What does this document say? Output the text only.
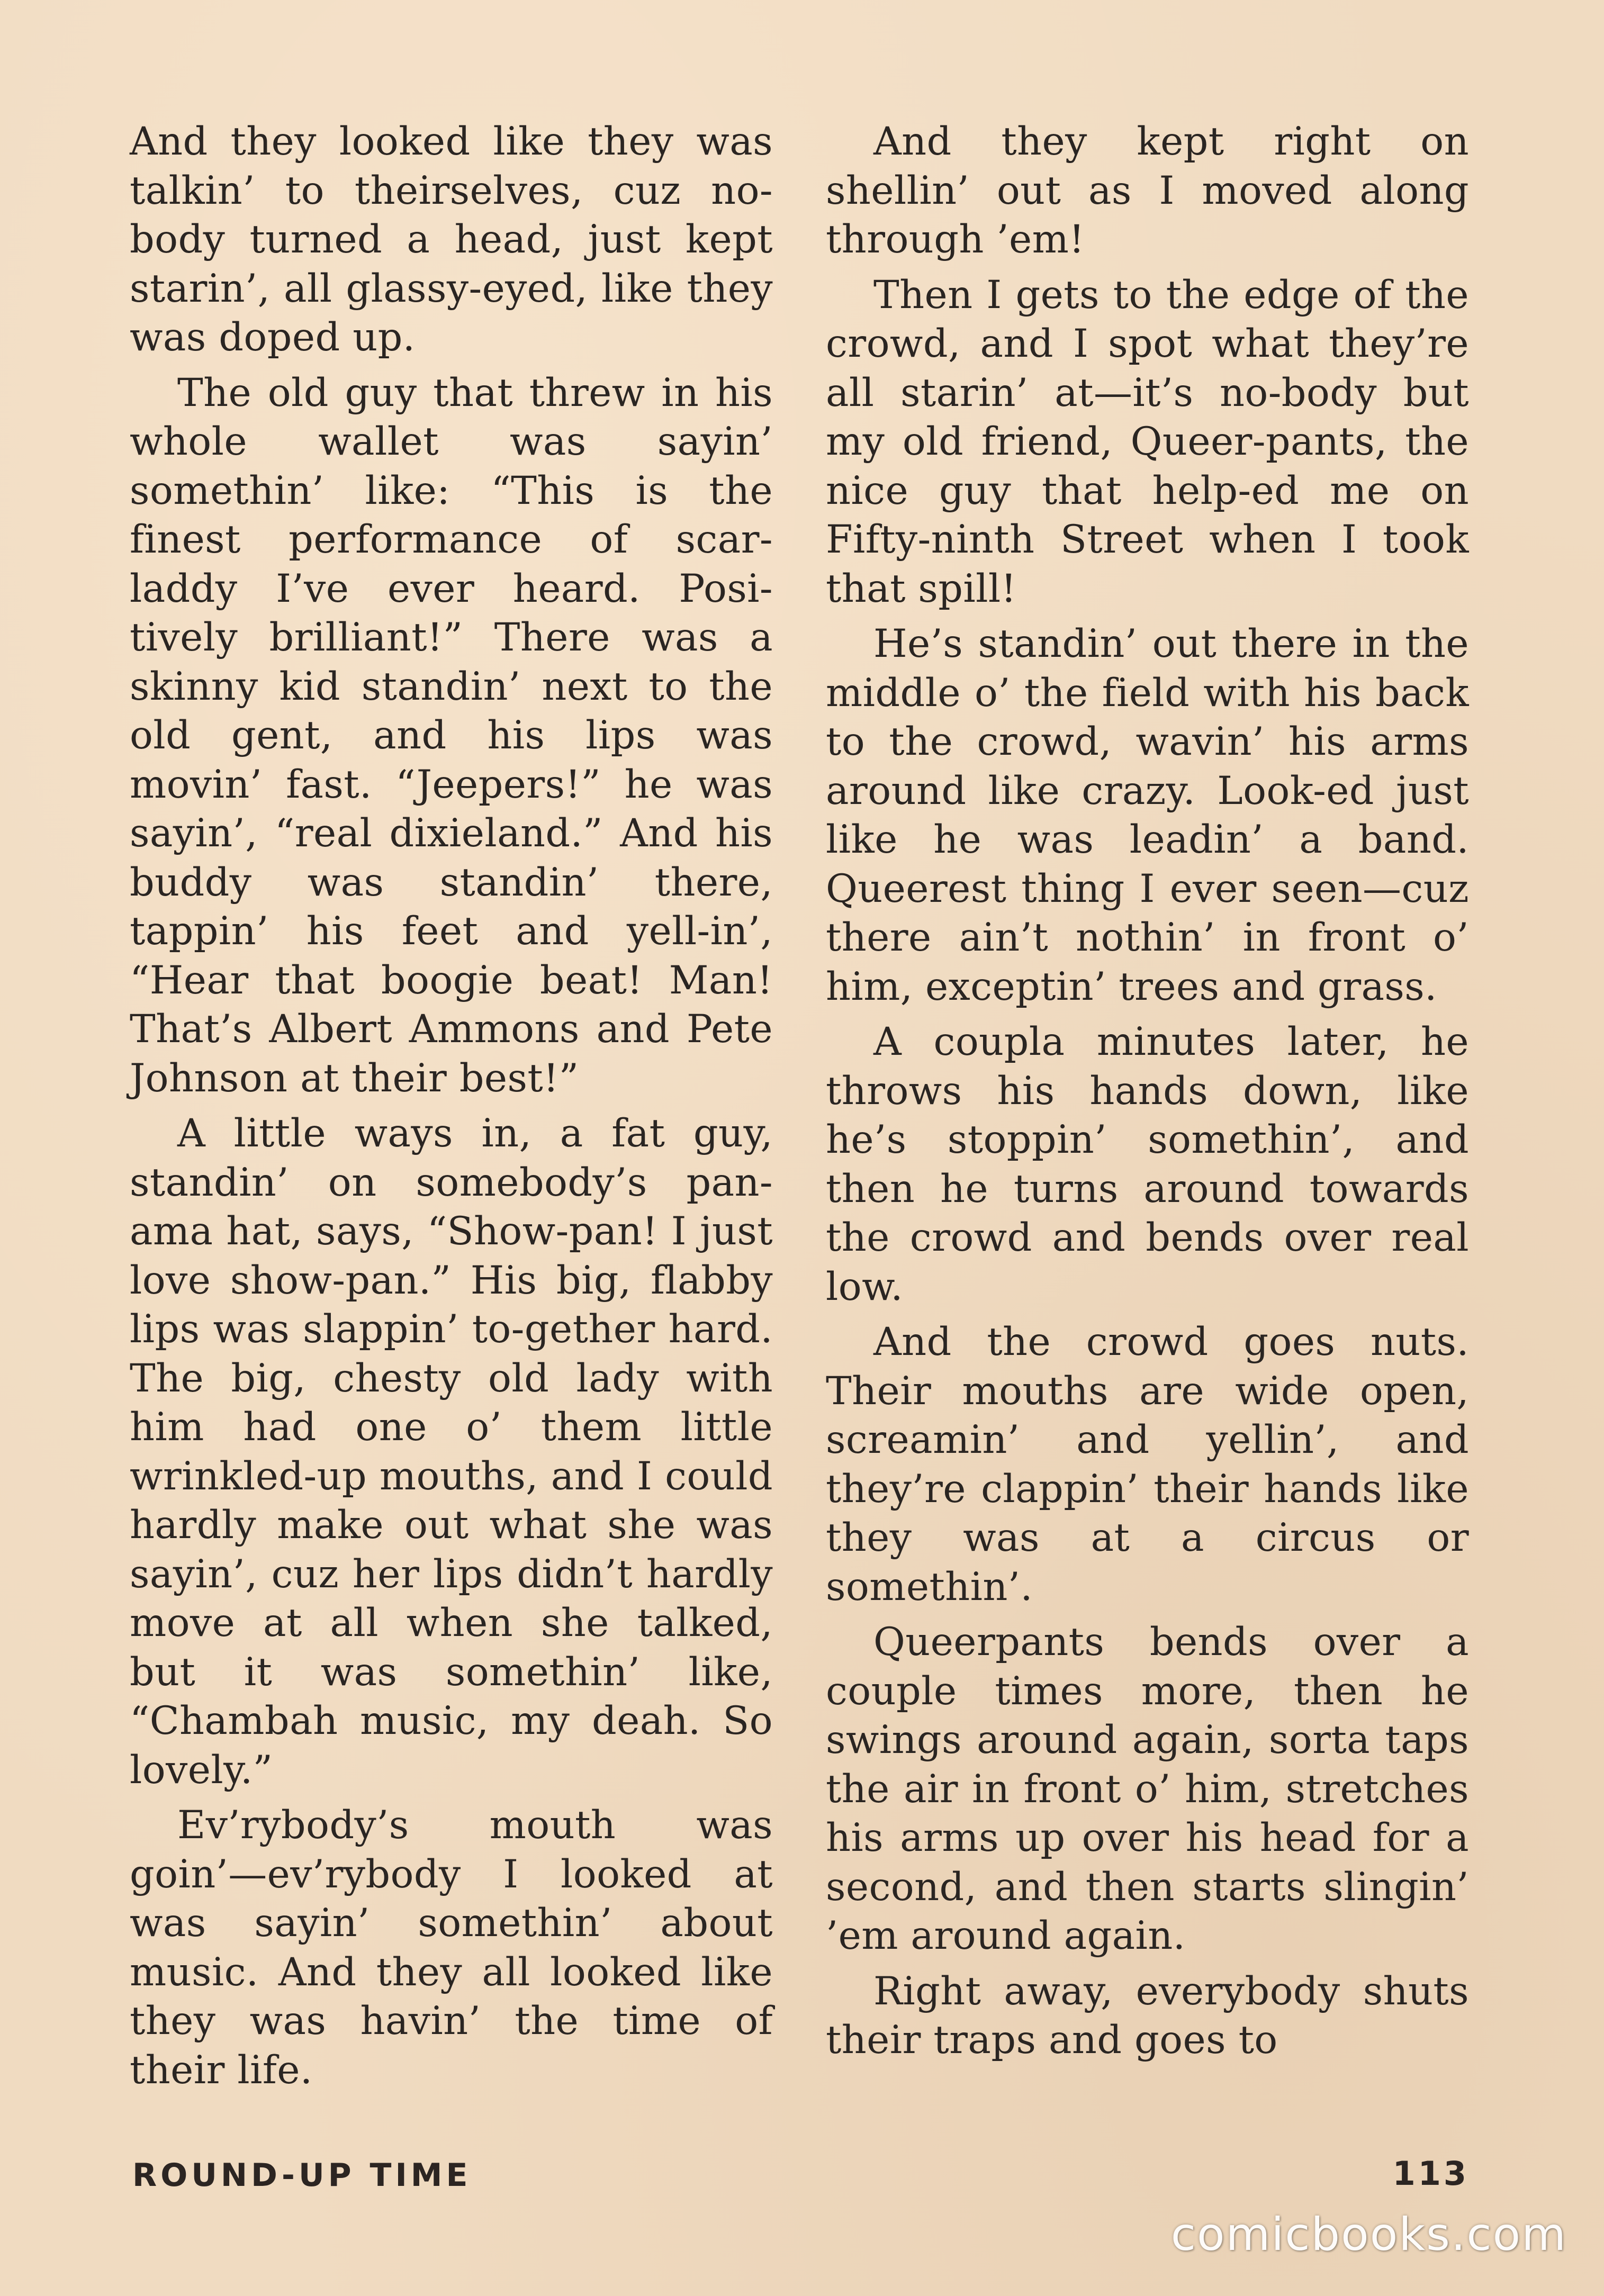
And they looked like they was talkin’ to theirselves, cuz no-body turned a head, just kept starin’, all glassy-eyed, like they was doped up.

The old guy that threw in his whole wallet was sayin’ somethin’ like: “This is the finest performance of scar-laddy I’ve ever heard. Posi-tively brilliant!” There was a skinny kid standin’ next to the old gent, and his lips was movin’ fast. “Jeepers!” he was sayin’, “real dixieland.” And his buddy was standin’ there, tappin’ his feet and yell-in’, “Hear that boogie beat! Man! That’s Albert Ammons and Pete Johnson at their best!”

A little ways in, a fat guy, standin’ on somebody’s pan-ama hat, says, “Show-pan! I just love show-pan.” His big, flabby lips was slappin’ to-gether hard. The big, chesty old lady with him had one o’ them little wrinkled-up mouths, and I could hardly make out what she was sayin’, cuz her lips didn’t hardly move at all when she talked, but it was somethin’ like, “Chambah music, my deah. So lovely.”

Ev’rybody’s mouth was goin’—ev’rybody I looked at was sayin’ somethin’ about music. And they all looked like they was havin’ the time of their life.

And they kept right on shellin’ out as I moved along through ’em!

Then I gets to the edge of the crowd, and I spot what they’re all starin’ at—it’s no-body but my old friend, Queer-pants, the nice guy that help-ed me on Fifty-ninth Street when I took that spill!

He’s standin’ out there in the middle o’ the field with his back to the crowd, wavin’ his arms around like crazy. Look-ed just like he was leadin’ a band. Queerest thing I ever seen—cuz there ain’t nothin’ in front o’ him, exceptin’ trees and grass.

A coupla minutes later, he throws his hands down, like he’s stoppin’ somethin’, and then he turns around towards the crowd and bends over real low.

And the crowd goes nuts. Their mouths are wide open, screamin’ and yellin’, and they’re clappin’ their hands like they was at a circus or somethin’.

Queerpants bends over a couple times more, then he swings around again, sorta taps the air in front o’ him, stretches his arms up over his head for a second, and then starts slingin’ ’em around again.

Right away, everybody shuts their traps and goes to

ROUND-UP TIME	113
comicbooks.com
